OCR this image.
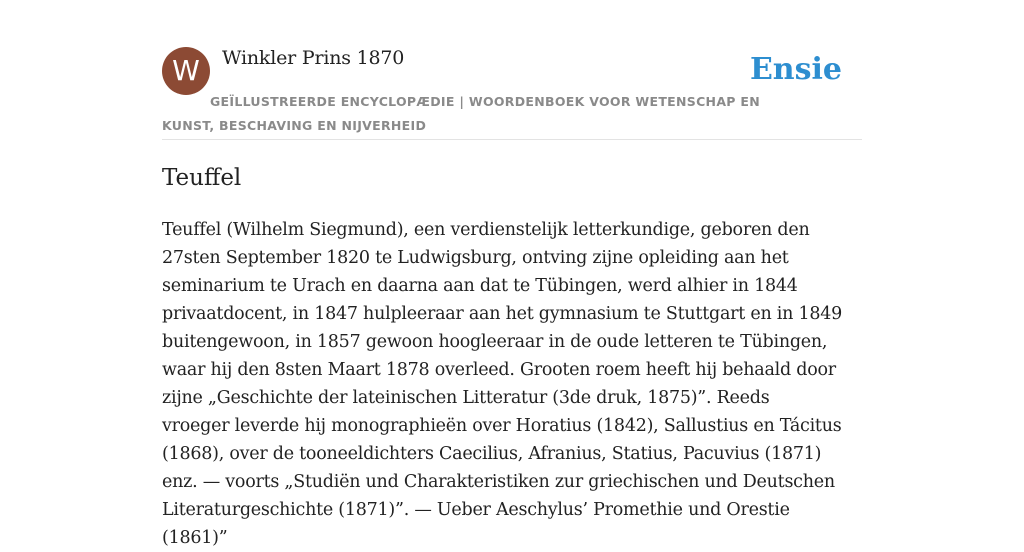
W	Winkler Prins 1870	Ensie
GEÏLLUSTREERDE ENCYCLOPÆDIE | WOORDENBOEK VOOR WETENSCHAP EN KUNST, BESCHAVING EN NIJVERHEID
Teuffel

Teuffel (Wilhelm Siegmund), een verdienstelijk letterkundige, geboren den 27sten September 1820 te Ludwigsburg, ontving zijne opleiding aan het seminarium te Urach en daarna aan dat te Tübingen, werd alhier in 1844 privaatdocent, in 1847 hulpleeraar aan het gymnasium te Stuttgart en in 1849 buitengewoon, in 1857 gewoon hoogleeraar in de oude letteren te Tübingen, waar hij den 8sten Maart 1878 overleed. Grooten roem heeft hij behaald door zijne „Geschichte der lateinischen Litteratur (3de druk, 1875)”. Reeds vroeger leverde hij monographieën over Horatius (1842), Sallustius en Tácitus (1868), over de tooneeldichters Caecilius, Afranius, Statius, Pacuvius (1871) enz. — voorts „Studiën und Charakteristiken zur griechischen und Deutschen Literaturgeschichte (1871)”. — Ueber Aeschylus’ Promethie und Orestie (1861)”
